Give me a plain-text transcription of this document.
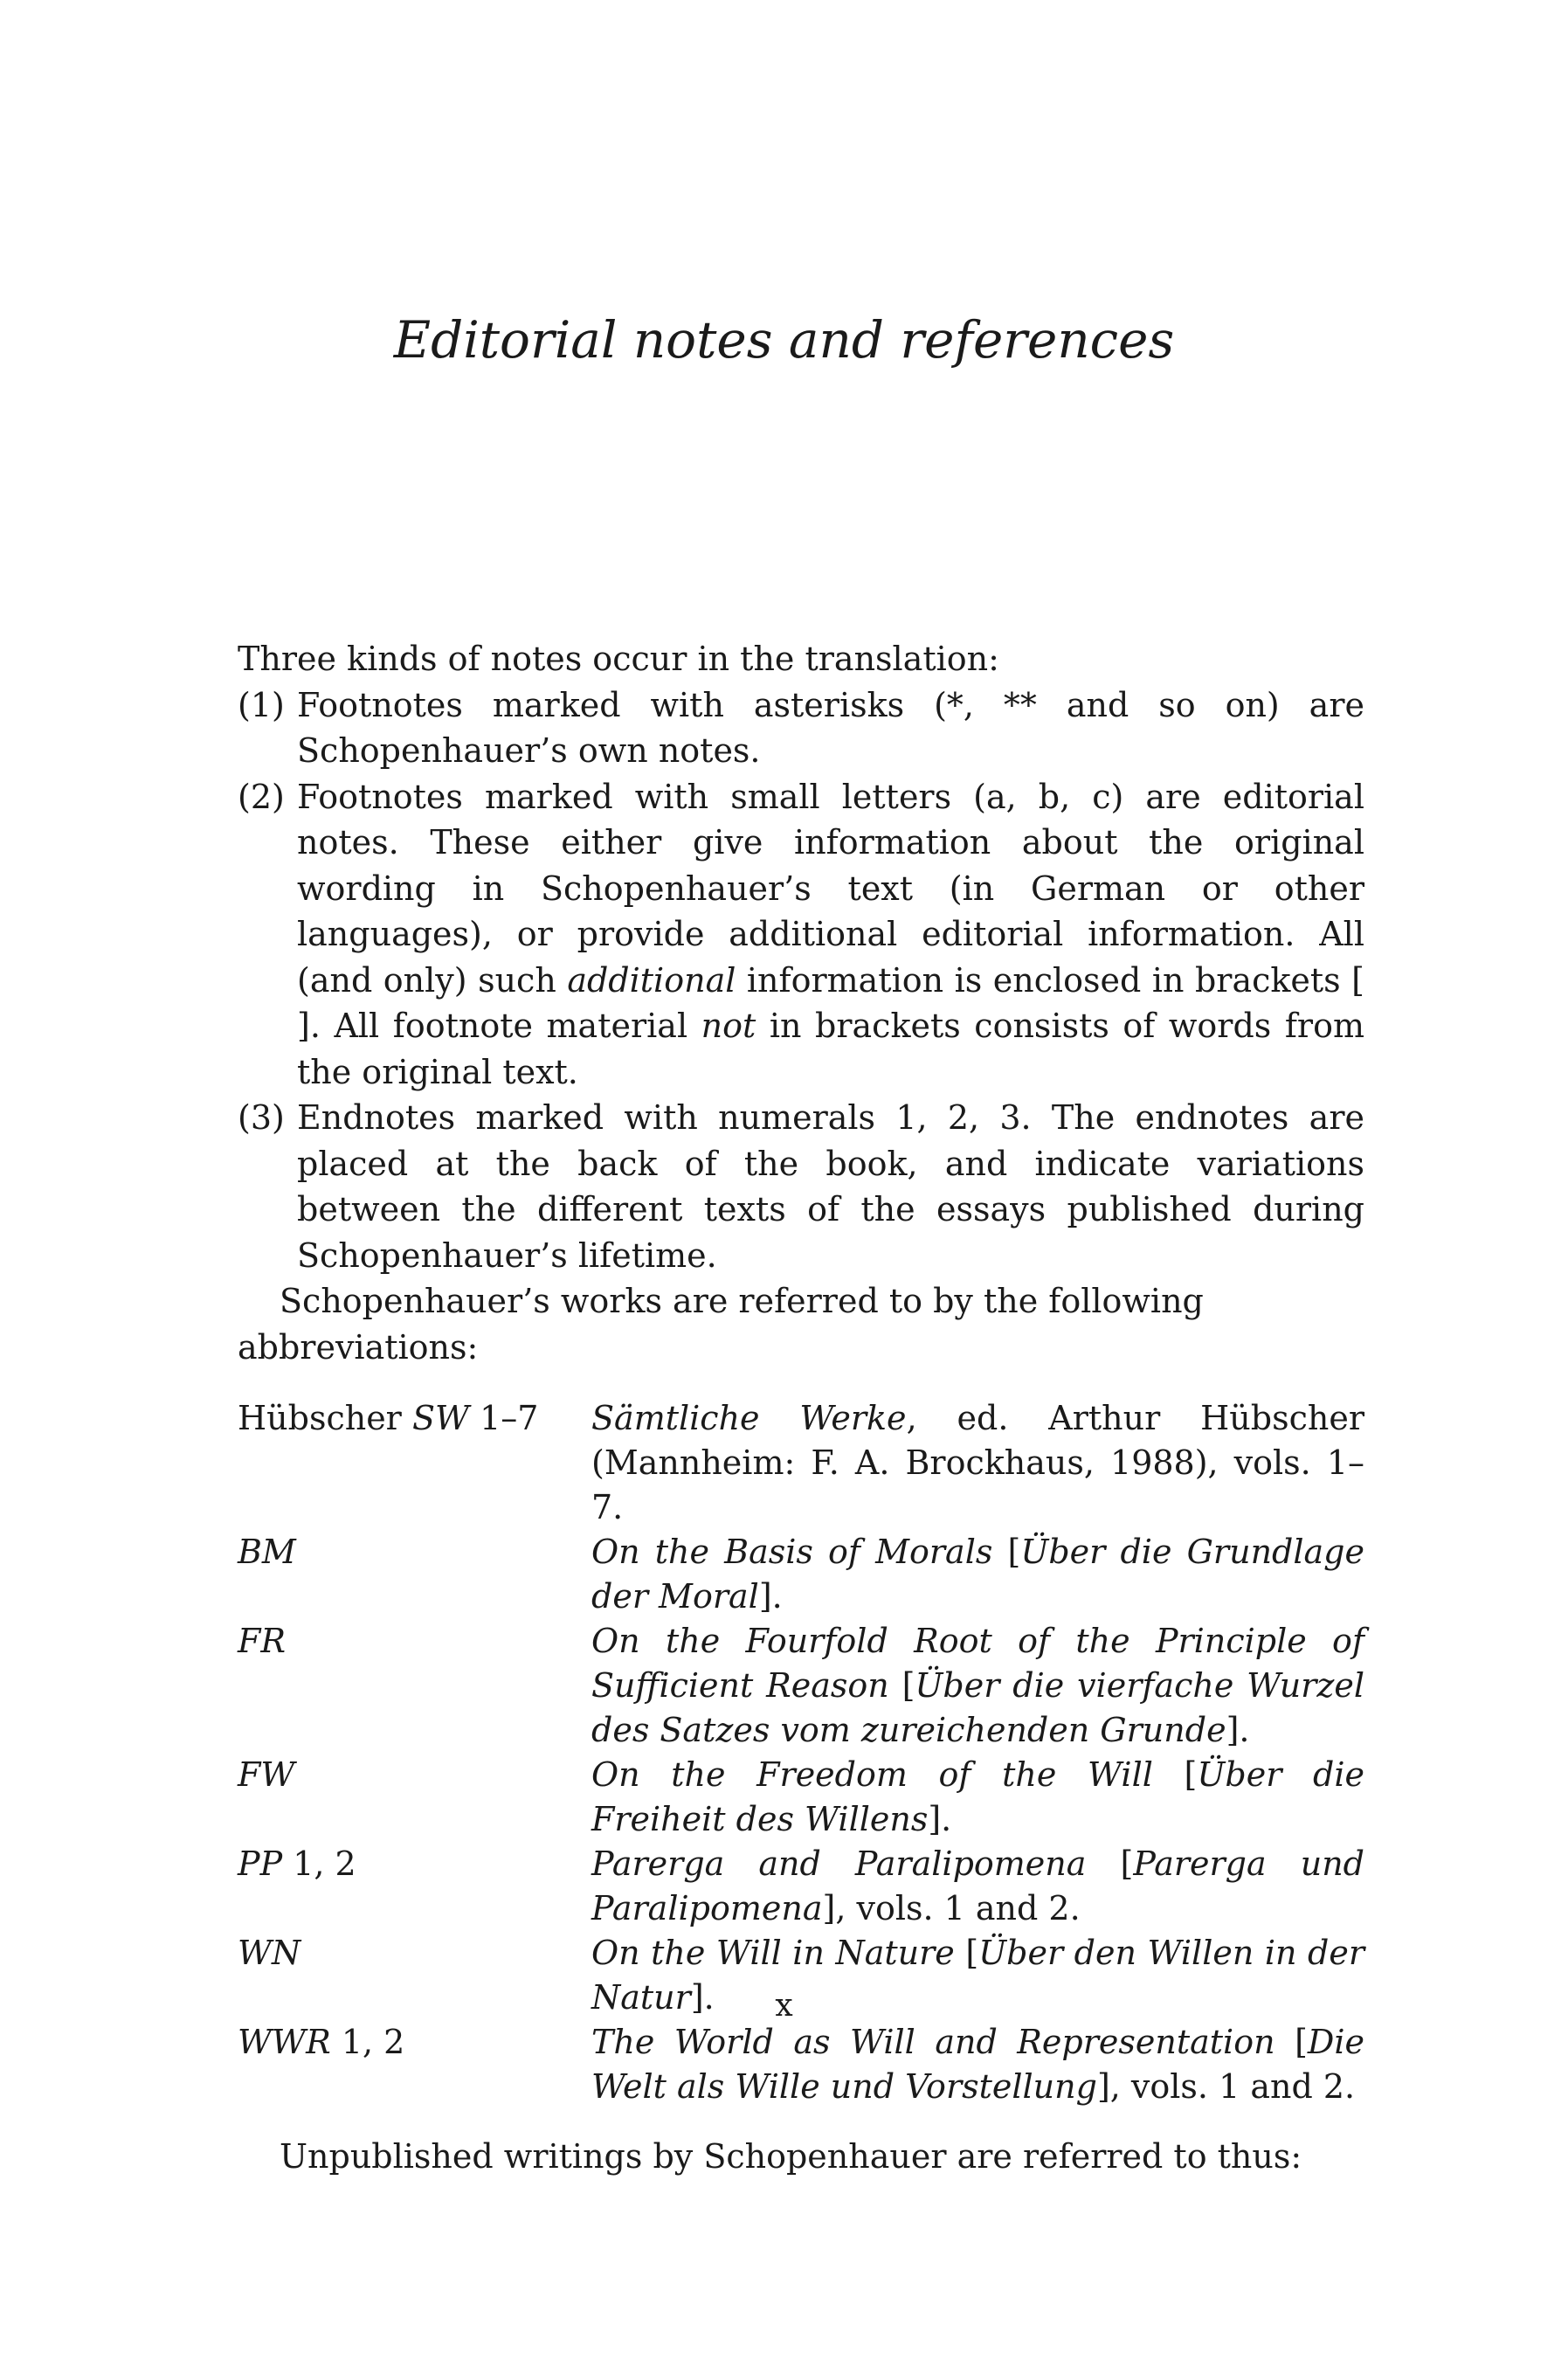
Editorial notes and references

Three kinds of notes occur in the translation:

(1) Footnotes marked with asterisks (*, ** and so on) are Schopenhauer’s own notes.
(2) Footnotes marked with small letters (a, b, c) are editorial notes. These either give information about the original wording in Schopenhauer’s text (in German or other languages), or provide additional editorial information. All (and only) such additional information is enclosed in brackets [ ]. All footnote material not in brackets consists of words from the original text.
(3) Endnotes marked with numerals 1, 2, 3. The endnotes are placed at the back of the book, and indicate variations between the different texts of the essays published during Schopenhauer’s lifetime.

Schopenhauer’s works are referred to by the following abbreviations:

Hübscher SW 1–7	Sämtliche Werke, ed. Arthur Hübscher (Mannheim: F. A. Brockhaus, 1988), vols. 1–7.
BM	On the Basis of Morals [Über die Grundlage der Moral].
FR	On the Fourfold Root of the Principle of Sufficient Reason [Über die vierfache Wurzel des Satzes vom zureichenden Grunde].
FW	On the Freedom of the Will [Über die Freiheit des Willens].
PP 1, 2	Parerga and Paralipomena [Parerga und Paralipomena], vols. 1 and 2.
WN	On the Will in Nature [Über den Willen in der Natur].
WWR 1, 2	The World as Will and Representation [Die Welt als Wille und Vorstellung], vols. 1 and 2.

Unpublished writings by Schopenhauer are referred to thus:

x
